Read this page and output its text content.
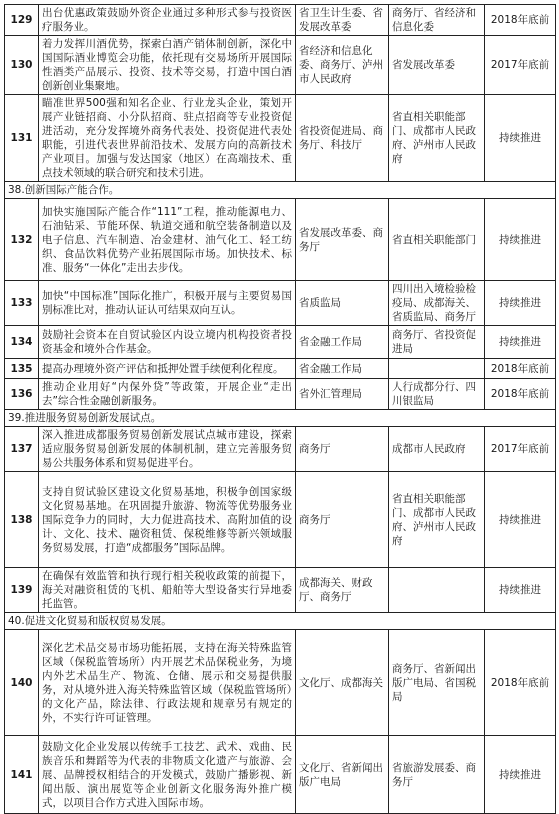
129	出台优惠政策鼓励外资企业通过多种形式参与投资医疗服务业。	省卫生计生委、省发展改革委	商务厅、省经济和信息化委	2018年底前
130	着力发挥川酒优势，探索白酒产销体制创新，深化中国国际酒业博览会功能，依托现有交易场所开展国际性酒类产品展示、投资、技术等交易，打造中国白酒创新创业集聚地。	省经济和信息化委、商务厅、泸州市人民政府	省发展改革委	2017年底前
131	瞄准世界500强和知名企业、行业龙头企业，策划开展产业链招商、小分队招商、驻点招商等专业投资促进活动，充分发挥境外商务代表处、投资促进代表处职能，引进代表世界前沿技术、发展方向的高新技术产业项目。加强与发达国家（地区）在高端技术、重点技术领域的联合研究和技术引进。	省投资促进局、商务厅、科技厅	省直相关职能部门、成都市人民政府、泸州市人民政府	持续推进
38.创新国际产能合作。				
132	加快实施国际产能合作“111”工程，推动能源电力、石油钻采、节能环保、轨道交通和航空装备制造以及电子信息、汽车制造、冶金建材、油气化工、轻工纺织、食品饮料优势产业拓展国际市场。加快技术、标准、服务“一体化”走出去步伐。	省发展改革委、商务厅	省直相关职能部门	持续推进
133	加快“中国标准”国际化推广，积极开展与主要贸易国别标准比对，推动认证认可结果双向互认。	省质监局	四川出入境检验检疫局、成都海关、省质监局、商务厅	持续推进
134	鼓励社会资本在自贸试验区内设立境内机构投资者投资基金和境外合作基金。	省金融工作局	商务厅、省投资促进局	持续推进
135	提高办理境外资产评估和抵押处置手续便利化程度。	省金融工作局		2018年底前
136	推动企业用好“内保外贷”等政策，开展企业“走出去”综合性金融创新服务。	省外汇管理局	人行成都分行、四川银监局	2018年底前
39.推进服务贸易创新发展试点。				
137	深入推进成都服务贸易创新发展试点城市建设，探索适应服务贸易创新发展的体制机制，建立完善服务贸易公共服务体系和贸易促进平台。	商务厅	成都市人民政府	2017年底前
138	支持自贸试验区建设文化贸易基地，积极争创国家级文化贸易基地。在巩固提升旅游、物流等优势服务业国际竞争力的同时，大力促进高技术、高附加值的设计、文化、技术、融资租赁、保税维修等新兴领域服务贸易发展，打造“成都服务”国际品牌。	商务厅	省直相关职能部门、成都市人民政府、泸州市人民政府	持续推进
139	在确保有效监管和执行现行相关税收政策的前提下，海关对融资租赁的飞机、船舶等大型设备实行异地委托监管。	成都海关、财政厅、商务厅		持续推进
40.促进文化贸易和版权贸易发展。				
140	深化艺术品交易市场功能拓展，支持在海关特殊监管区域（保税监管场所）内开展艺术品保税业务，为境内外艺术品生产、物流、仓储、展示和交易提供服务，对从境外进入海关特殊监管区域（保税监管场所）的文化产品，除法律、行政法规和规章另有规定的外，不实行许可证管理。	文化厅、成都海关	商务厅、省新闻出版广电局、省国税局	2018年底前
141	鼓励文化企业发展以传统手工技艺、武术、戏曲、民族音乐和舞蹈等为代表的非物质文化遗产与旅游、会展、品牌授权相结合的开发模式，鼓励广播影视、新闻出版、演出展览等企业创新文化服务海外推广模式，以项目合作方式进入国际市场。	文化厅、省新闻出版广电局	省旅游发展委、商务厅	持续推进
